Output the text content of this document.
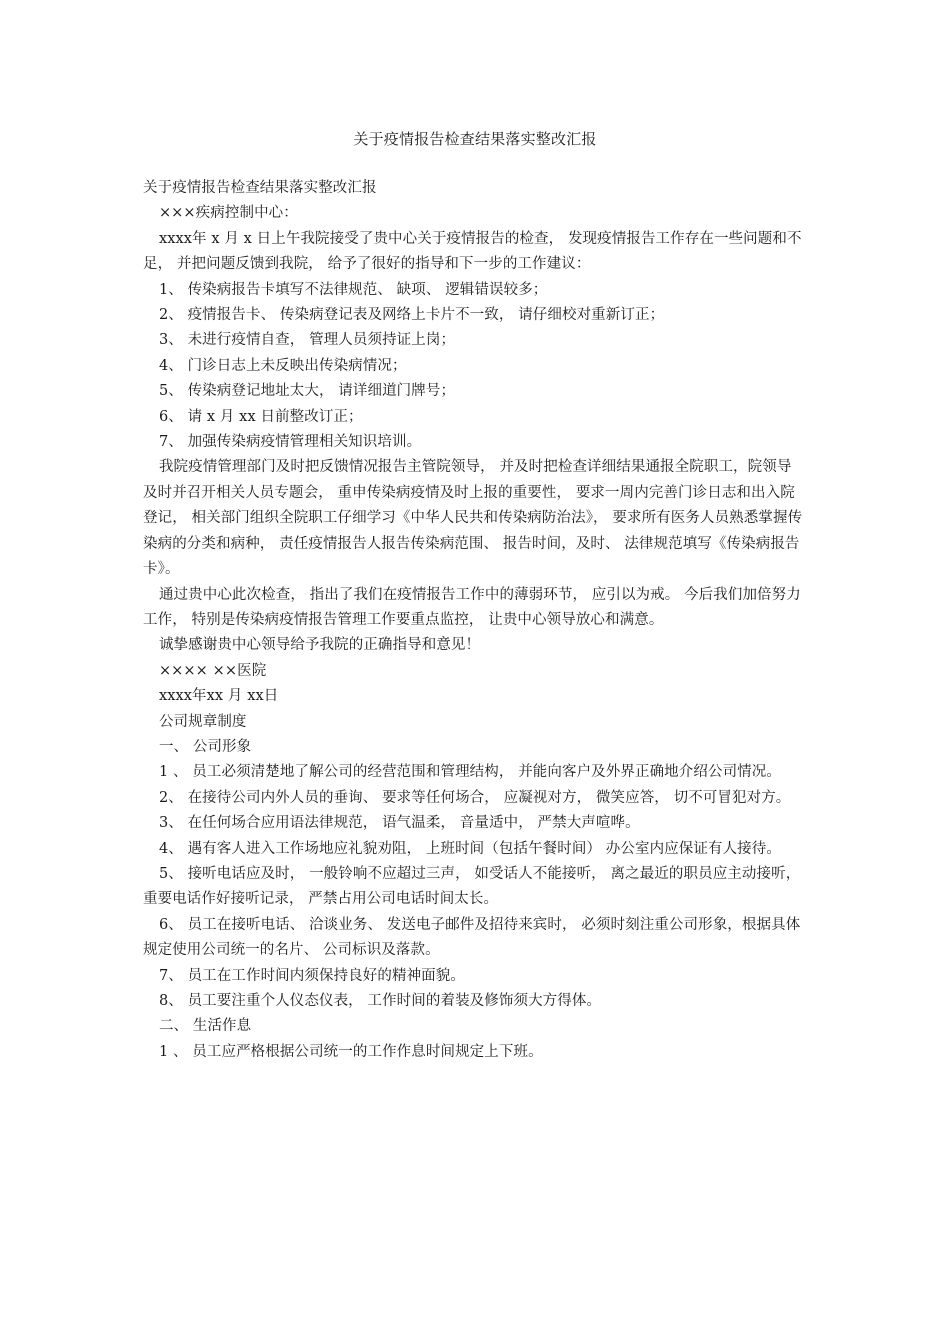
关于疫情报告检查结果落实整改汇报

关于疫情报告检查结果落实整改汇报

×××疾病控制中心：

xxxx年 x 月 x 日上午我院接受了贵中心关于疫情报告的检查， 发现疫情报告工作存在一些问题和不足， 并把问题反馈到我院， 给予了很好的指导和下一步的工作建议：

1、 传染病报告卡填写不法律规范、 缺项、 逻辑错误较多；

2、 疫情报告卡、 传染病登记表及网络上卡片不一致， 请仔细校对重新订正；

3、 未进行疫情自查， 管理人员须持证上岗；

4、 门诊日志上未反映出传染病情况；

5、 传染病登记地址太大， 请详细道门牌号；

6、 请 x 月 xx 日前整改订正；

7、 加强传染病疫情管理相关知识培训。

我院疫情管理部门及时把反馈情况报告主管院领导， 并及时把检查详细结果通报全院职工，院领导及时并召开相关人员专题会， 重申传染病疫情及时上报的重要性， 要求一周内完善门诊日志和出入院登记， 相关部门组织全院职工仔细学习《中华人民共和传染病防治法》， 要求所有医务人员熟悉掌握传染病的分类和病种， 责任疫情报告人报告传染病范围、 报告时间，及时、 法律规范填写《传染病报告卡》。

通过贵中心此次检查， 指出了我们在疫情报告工作中的薄弱环节， 应引以为戒。 今后我们加倍努力工作， 特别是传染病疫情报告管理工作要重点监控， 让贵中心领导放心和满意。

诚挚感谢贵中心领导给予我院的正确指导和意见！

×××× ××医院

xxxx年xx 月 xx日

公司规章制度

一、 公司形象

1 、 员工必须清楚地了解公司的经营范围和管理结构， 并能向客户及外界正确地介绍公司情况。

2、 在接待公司内外人员的垂询、 要求等任何场合， 应凝视对方， 微笑应答， 切不可冒犯对方。

3、 在任何场合应用语法律规范， 语气温柔， 音量适中， 严禁大声喧哗。

4、 遇有客人进入工作场地应礼貌劝阻， 上班时间（包括午餐时间） 办公室内应保证有人接待。

5、 接听电话应及时， 一般铃响不应超过三声， 如受话人不能接听， 离之最近的职员应主动接听， 重要电话作好接听记录， 严禁占用公司电话时间太长。

6、 员工在接听电话、 洽谈业务、 发送电子邮件及招待来宾时， 必须时刻注重公司形象，根据具体规定使用公司统一的名片、 公司标识及落款。

7、 员工在工作时间内须保持良好的精神面貌。

8、 员工要注重个人仪态仪表， 工作时间的着装及修饰须大方得体。

二、 生活作息

1 、 员工应严格根据公司统一的工作作息时间规定上下班。
